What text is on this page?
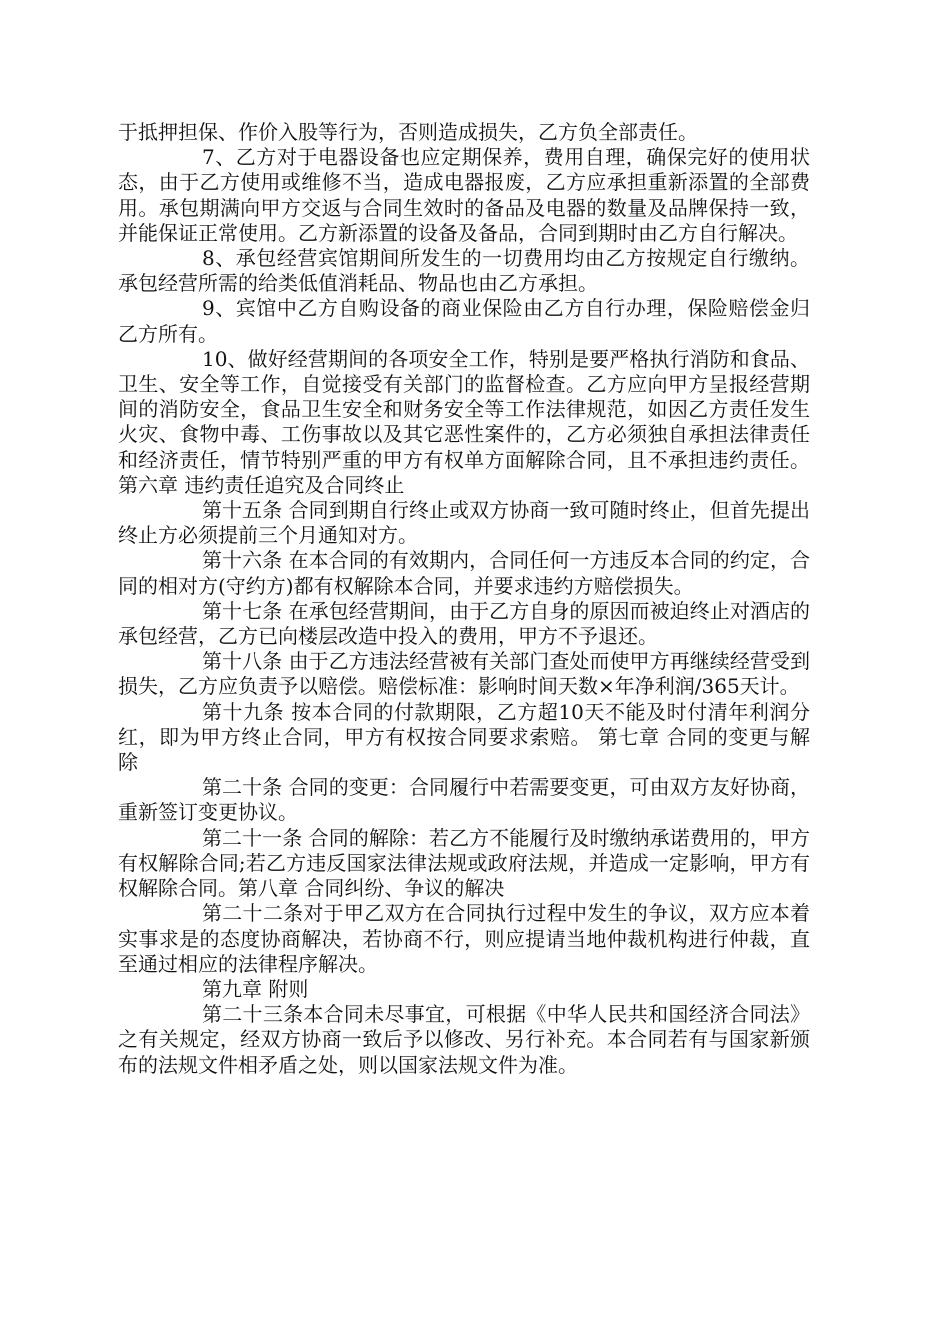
于抵押担保、作价入股等行为，否则造成损失，乙方负全部责任。

7、乙方对于电器设备也应定期保养，费用自理，确保完好的使用状态，由于乙方使用或维修不当，造成电器报废，乙方应承担重新添置的全部费用。承包期满向甲方交返与合同生效时的备品及电器的数量及品牌保持一致，并能保证正常使用。乙方新添置的设备及备品，合同到期时由乙方自行解决。

8、承包经营宾馆期间所发生的一切费用均由乙方按规定自行缴纳。承包经营所需的给类低值消耗品、物品也由乙方承担。

9、宾馆中乙方自购设备的商业保险由乙方自行办理，保险赔偿金归乙方所有。

10、做好经营期间的各项安全工作，特别是要严格执行消防和食品、卫生、安全等工作，自觉接受有关部门的监督检查。乙方应向甲方呈报经营期间的消防安全，食品卫生安全和财务安全等工作法律规范，如因乙方责任发生火灾、食物中毒、工伤事故以及其它恶性案件的，乙方必须独自承担法律责任和经济责任，情节特别严重的甲方有权单方面解除合同，且不承担违约责任。第六章 违约责任追究及合同终止

第十五条 合同到期自行终止或双方协商一致可随时终止，但首先提出终止方必须提前三个月通知对方。

第十六条 在本合同的有效期内，合同任何一方违反本合同的约定，合同的相对方(守约方)都有权解除本合同，并要求违约方赔偿损失。

第十七条 在承包经营期间，由于乙方自身的原因而被迫终止对酒店的承包经营，乙方已向楼层改造中投入的费用，甲方不予退还。

第十八条 由于乙方违法经营被有关部门查处而使甲方再继续经营受到损失，乙方应负责予以赔偿。赔偿标准：影响时间天数×年净利润/365天计。

第十九条 按本合同的付款期限，乙方超10天不能及时付清年利润分红，即为甲方终止合同，甲方有权按合同要求索赔。 第七章 合同的变更与解除

第二十条 合同的变更：合同履行中若需要变更，可由双方友好协商，重新签订变更协议。

第二十一条 合同的解除：若乙方不能履行及时缴纳承诺费用的，甲方有权解除合同;若乙方违反国家法律法规或政府法规，并造成一定影响，甲方有权解除合同。第八章 合同纠纷、争议的解决

第二十二条对于甲乙双方在合同执行过程中发生的争议，双方应本着实事求是的态度协商解决，若协商不行，则应提请当地仲裁机构进行仲裁，直至通过相应的法律程序解决。

第九章 附则

第二十三条本合同未尽事宜，可根据《中华人民共和国经济合同法》之有关规定，经双方协商一致后予以修改、另行补充。本合同若有与国家新颁布的法规文件相矛盾之处，则以国家法规文件为准。
